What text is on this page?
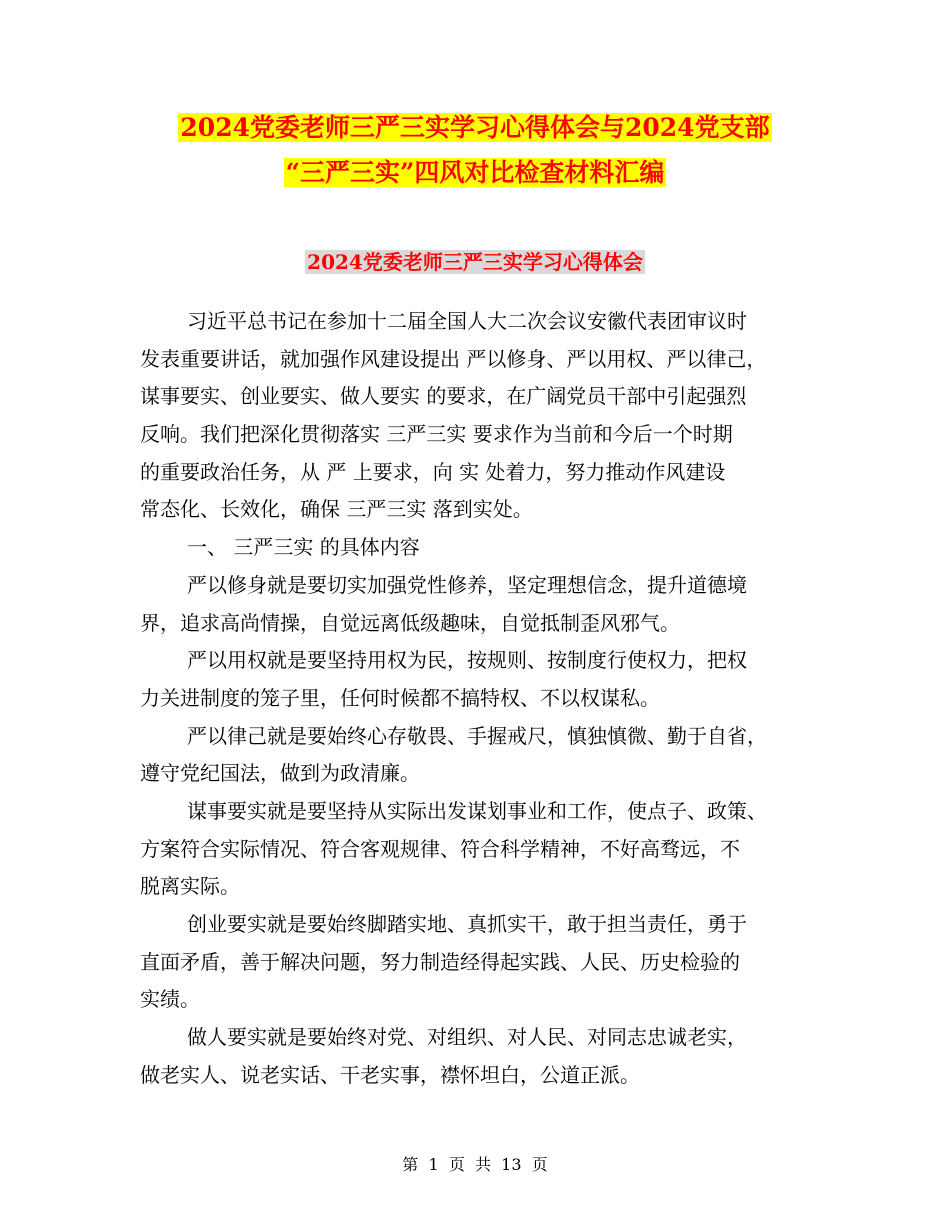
2024党委老师三严三实学习心得体会与2024党支部
“三严三实”四风对比检查材料汇编
2024党委老师三严三实学习心得体会
习近平总书记在参加十二届全国人大二次会议安徽代表团审议时
发表重要讲话，就加强作风建设提出 严以修身、严以用权、严以律己，
谋事要实、创业要实、做人要实 的要求，在广阔党员干部中引起强烈
反响。我们把深化贯彻落实 三严三实 要求作为当前和今后一个时期
的重要政治任务，从 严 上要求，向 实 处着力，努力推动作风建设
常态化、长效化，确保 三严三实 落到实处。
一、 三严三实 的具体内容
严以修身就是要切实加强党性修养，坚定理想信念，提升道德境
界，追求高尚情操，自觉远离低级趣味，自觉抵制歪风邪气。
严以用权就是要坚持用权为民，按规则、按制度行使权力，把权
力关进制度的笼子里，任何时候都不搞特权、不以权谋私。
严以律己就是要始终心存敬畏、手握戒尺，慎独慎微、勤于自省，
遵守党纪国法，做到为政清廉。
谋事要实就是要坚持从实际出发谋划事业和工作，使点子、政策、
方案符合实际情况、符合客观规律、符合科学精神，不好高骛远，不
脱离实际。
创业要实就是要始终脚踏实地、真抓实干，敢于担当责任，勇于
直面矛盾，善于解决问题，努力制造经得起实践、人民、历史检验的
实绩。
做人要实就是要始终对党、对组织、对人民、对同志忠诚老实，
做老实人、说老实话、干老实事，襟怀坦白，公道正派。
第  1  页  共  13  页
